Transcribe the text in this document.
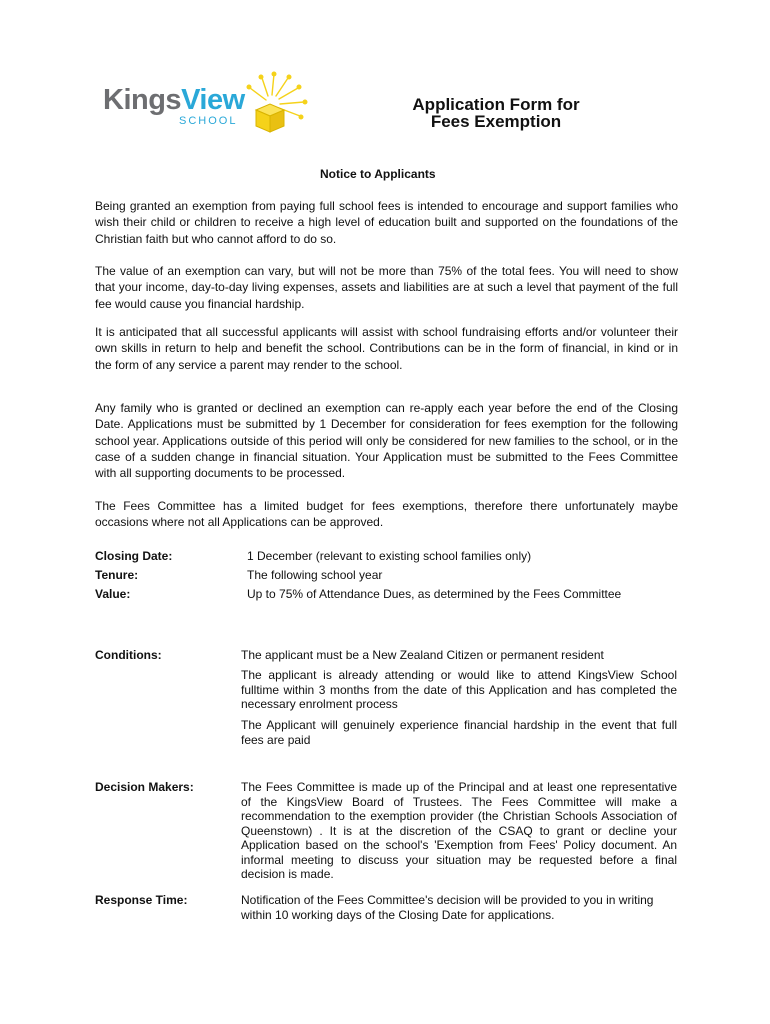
KingsView
SCHOOL
Application Form for
Fees Exemption
Notice to Applicants

Being granted an exemption from paying full school fees is intended to encourage and support families who wish their child or children to receive a high level of education built and supported on the foundations of the Christian faith but who cannot afford to do so.

The value of an exemption can vary, but will not be more than 75% of the total fees. You will need to show that your income, day-to-day living expenses, assets and liabilities are at such a level that payment of the full fee would cause you financial hardship.

It is anticipated that all successful applicants will assist with school fundraising efforts and/or volunteer their own skills in return to help and benefit the school. Contributions can be in the form of financial, in kind or in the form of any service a parent may render to the school.

Any family who is granted or declined an exemption can re-apply each year before the end of the Closing Date. Applications must be submitted by 1 December for consideration for fees exemption for the following school year. Applications outside of this period will only be considered for new families to the school, or in the case of a sudden change in financial situation. Your Application must be submitted to the Fees Committee with all supporting documents to be processed.

The Fees Committee has a limited budget for fees exemptions, therefore there unfortunately maybe occasions where not all Applications can be approved.

Closing Date:	1 December (relevant to existing school families only)
Tenure:	The following school year
Value:	Up to 75% of Attendance Dues, as determined by the Fees Committee
Conditions:	The applicant must be a New Zealand Citizen or permanent resident

The applicant is already attending or would like to attend KingsView School fulltime within 3 months from the date of this Application and has completed the necessary enrolment process

The Applicant will genuinely experience financial hardship in the event that full fees are paid

Decision Makers:	The Fees Committee is made up of the Principal and at least one representative of the KingsView Board of Trustees. The Fees Committee will make a recommendation to the exemption provider (the Christian Schools Association of Queenstown) . It is at the discretion of the CSAQ to grant or decline your Application based on the school's 'Exemption from Fees' Policy document. An informal meeting to discuss your situation may be requested before a final decision is made.

Response Time:	Notification of the Fees Committee's decision will be provided to you in writing within 10 working days of the Closing Date for applications.
